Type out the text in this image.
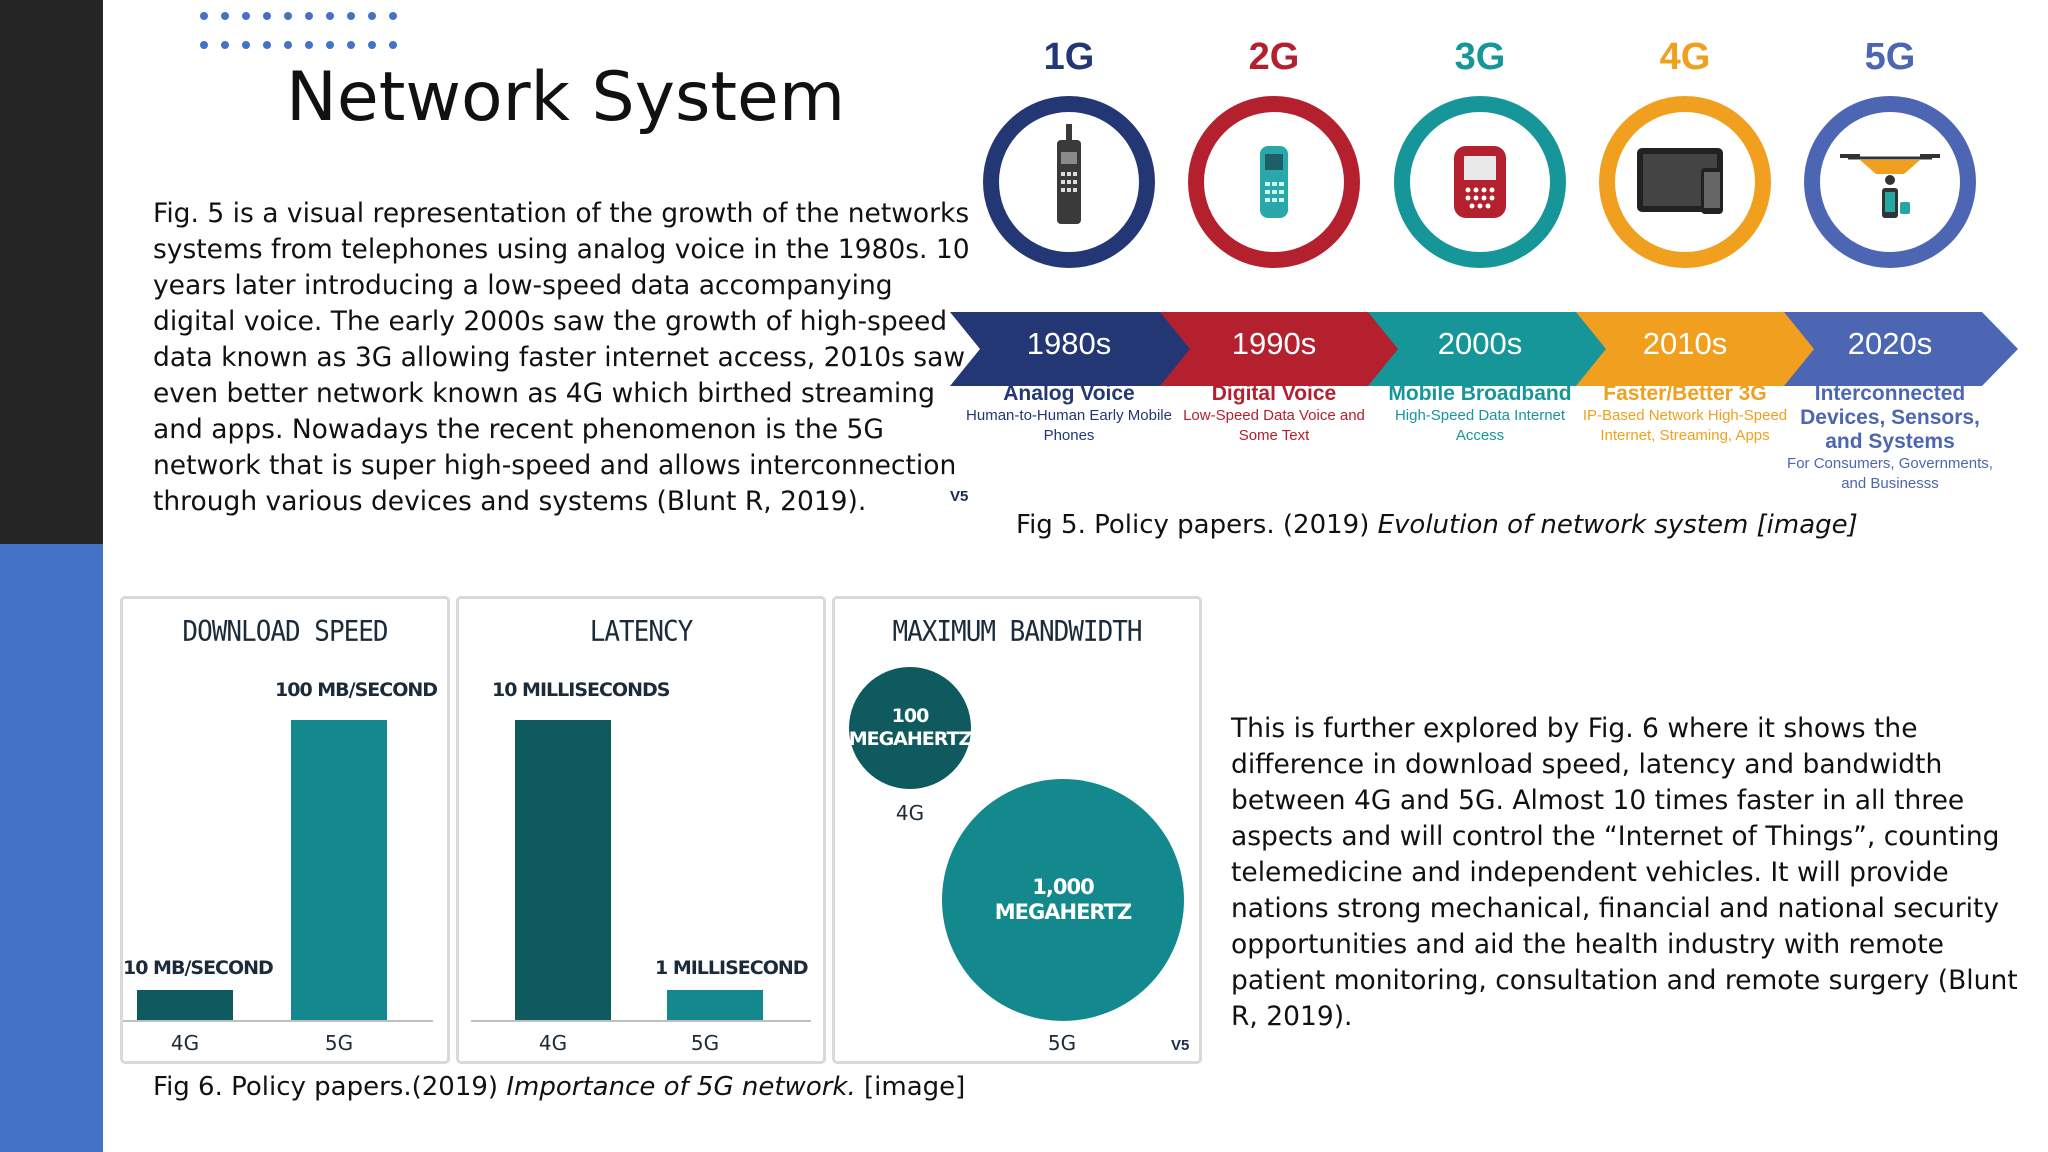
Network System
Fig. 5 is a visual representation of the growth of the networks systems from telephones using analog voice in the 1980s. 10 years later introducing a low-speed data accompanying digital voice. The early 2000s saw the growth of high-speed data known as 3G allowing faster internet access, 2010s saw even better network known as 4G which birthed streaming and apps. Nowadays the recent phenomenon is the 5G network that is super high-speed and allows interconnection through various devices and systems (Blunt R, 2019).
1G
1980s
Analog Voice
Human-to-Human Early Mobile Phones
2G
1990s
Digital Voice
Low-Speed Data Voice and Some Text
3G
2000s
Mobile Broadband
High-Speed Data Internet Access
4G
2010s
Faster/Better 3G
IP-Based Network High-Speed Internet, Streaming, Apps
5G
2020s
Interconnected Devices, Sensors, and Systems
For Consumers, Governments, and Businesss
V5
Fig 5. Policy papers. (2019) Evolution of network system [image]
DOWNLOAD SPEED
100 MB/SECOND
10 MB/SECOND
4G	5G
LATENCY
10 MILLISECONDS
1 MILLISECOND
4G	5G
MAXIMUM BANDWIDTH
100
MEGAHERTZ
4G
1,000
MEGAHERTZ
5G	V5
Fig 6. Policy papers.(2019) Importance of 5G network. [image]
This is further explored by Fig. 6 where it shows the difference in download speed, latency and bandwidth between 4G and 5G. Almost 10 times faster in all three aspects and will control the “Internet of Things”, counting telemedicine and independent vehicles. It will provide nations strong mechanical, financial and national security opportunities and aid the health industry with remote patient monitoring, consultation and remote surgery (Blunt R, 2019).
